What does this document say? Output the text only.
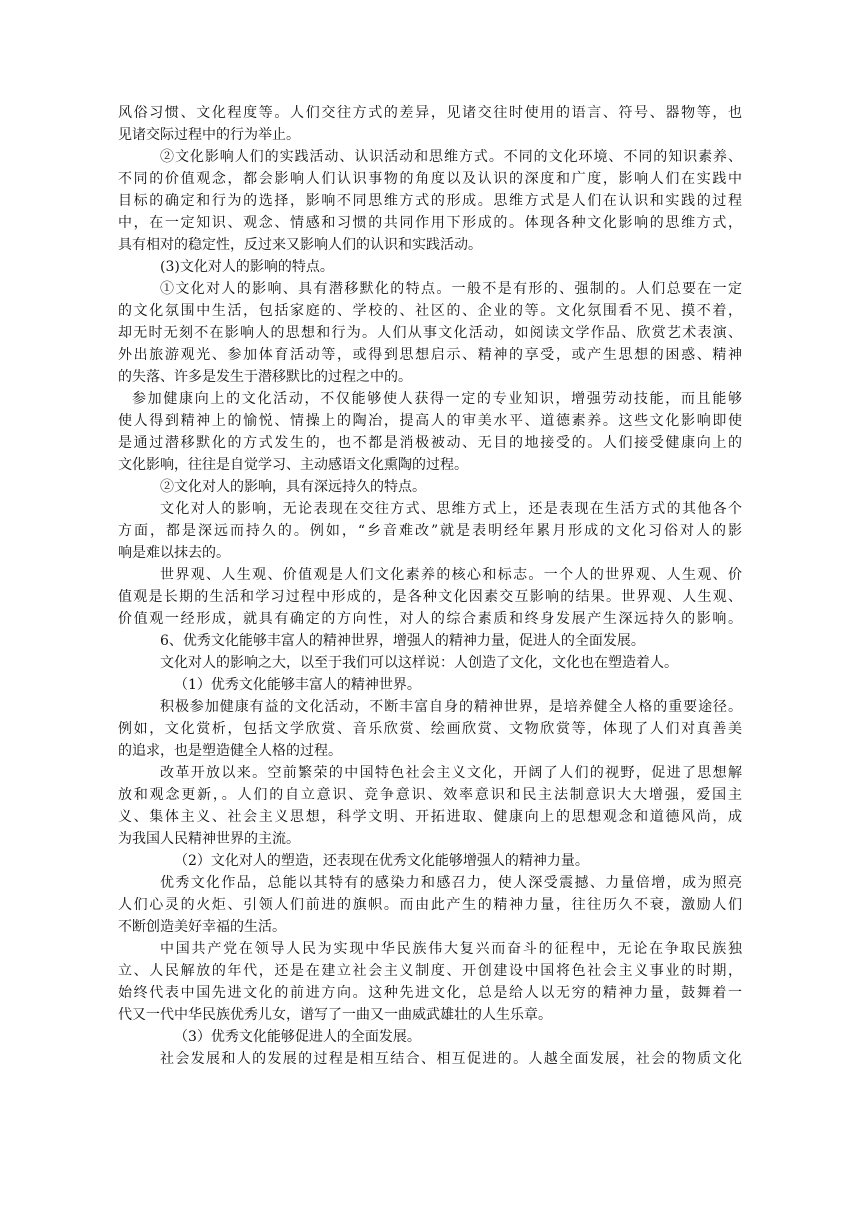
风俗习惯、文化程度等。人们交往方式的差异，见诸交往时使用的语言、符号、器物等，也
见诸交际过程中的行为举止。
②文化影响人们的实践活动、认识活动和思维方式。不同的文化环境、不同的知识素养、
不同的价值观念，都会影响人们认识事物的角度以及认识的深度和广度，影响人们在实践中
目标的确定和行为的选择，影响不同思维方式的形成。思维方式是人们在认识和实践的过程
中，在一定知识、观念、情感和习惯的共同作用下形成的。体现各种文化影响的思维方式，
具有相对的稳定性，反过来又影响人们的认识和实践活动。
(3)文化对人的影响的特点。
①文化对人的影响、具有潜移默化的特点。一般不是有形的、强制的。人们总要在一定
的文化氛围中生活，包括家庭的、学校的、社区的、企业的等。文化氛围看不见、摸不着，
却无时无刻不在影响人的思想和行为。人们从事文化活动，如阅读文学作品、欣赏艺术表演、
外出旅游观光、参加体育活动等，或得到思想启示、精神的享受，或产生思想的困惑、精神
的失落、许多是发生于潜移默比的过程之中的。
参加健康向上的文化活动，不仅能够使人获得一定的专业知识，增强劳动技能，而且能够
使人得到精神上的愉悦、情操上的陶冶，提高人的审美水平、道德素养。这些文化影响即使
是通过潜移默化的方式发生的，也不都是消极被动、无目的地接受的。人们接受健康向上的
文化影响，往往是自觉学习、主动感语文化熏陶的过程。
②文化对人的影响，具有深远持久的特点。
文化对人的影响，无论表现在交往方式、思维方式上，还是表现在生活方式的其他各个
方面，都是深远而持久的。例如，“乡音难改”就是表明经年累月形成的文化习俗对人的影
响是难以抹去的。
世界观、人生观、价值观是人们文化素养的核心和标志。一个人的世界观、人生观、价
值观是长期的生活和学习过程中形成的，是各种文化因素交互影响的结果。世界观、人生观、
价值观一经形成，就具有确定的方向性，对人的综合素质和终身发展产生深远持久的影响。
6、优秀文化能够丰富人的精神世界，增强人的精神力量，促进人的全面发展。
文化对人的影响之大，以至于我们可以这样说：人创造了文化，文化也在塑造着人。
（1）优秀文化能够丰富人的精神世界。
积极参加健康有益的文化活动，不断丰富自身的精神世界，是培养健全人格的重要途径。
例如，文化赏析，包括文学欣赏、音乐欣赏、绘画欣赏、文物欣赏等，体现了人们对真善美
的追求，也是塑造健全人格的过程。
改革开放以来。空前繁荣的中国特色社会主义文化，开阔了人们的视野，促进了思想解
放和观念更新，。人们的自立意识、竞争意识、效率意识和民主法制意识大大增强，爱国主
义、集体主义、社会主义思想，科学文明、开拓进取、健康向上的思想观念和道德风尚，成
为我国人民精神世界的主流。
（2）文化对人的塑造，还表现在优秀文化能够增强人的精神力量。
优秀文化作品，总能以其特有的感染力和感召力，使人深受震撼、力量倍增，成为照亮
人们心灵的火炬、引领人们前进的旗帜。而由此产生的精神力量，往往历久不衰，激励人们
不断创造美好幸福的生活。
中国共产党在领导人民为实现中华民族伟大复兴而奋斗的征程中，无论在争取民族独
立、人民解放的年代，还是在建立社会主义制度、开创建设中国将色社会主义事业的时期，
始终代表中国先进文化的前进方向。这种先进文化，总是给人以无穷的精神力量，鼓舞着一
代又一代中华民族优秀儿女，谱写了一曲又一曲威武雄壮的人生乐章。
（3）优秀文化能够促进人的全面发展。
社会发展和人的发展的过程是相互结合、相互促进的。人越全面发展，社会的物质文化
